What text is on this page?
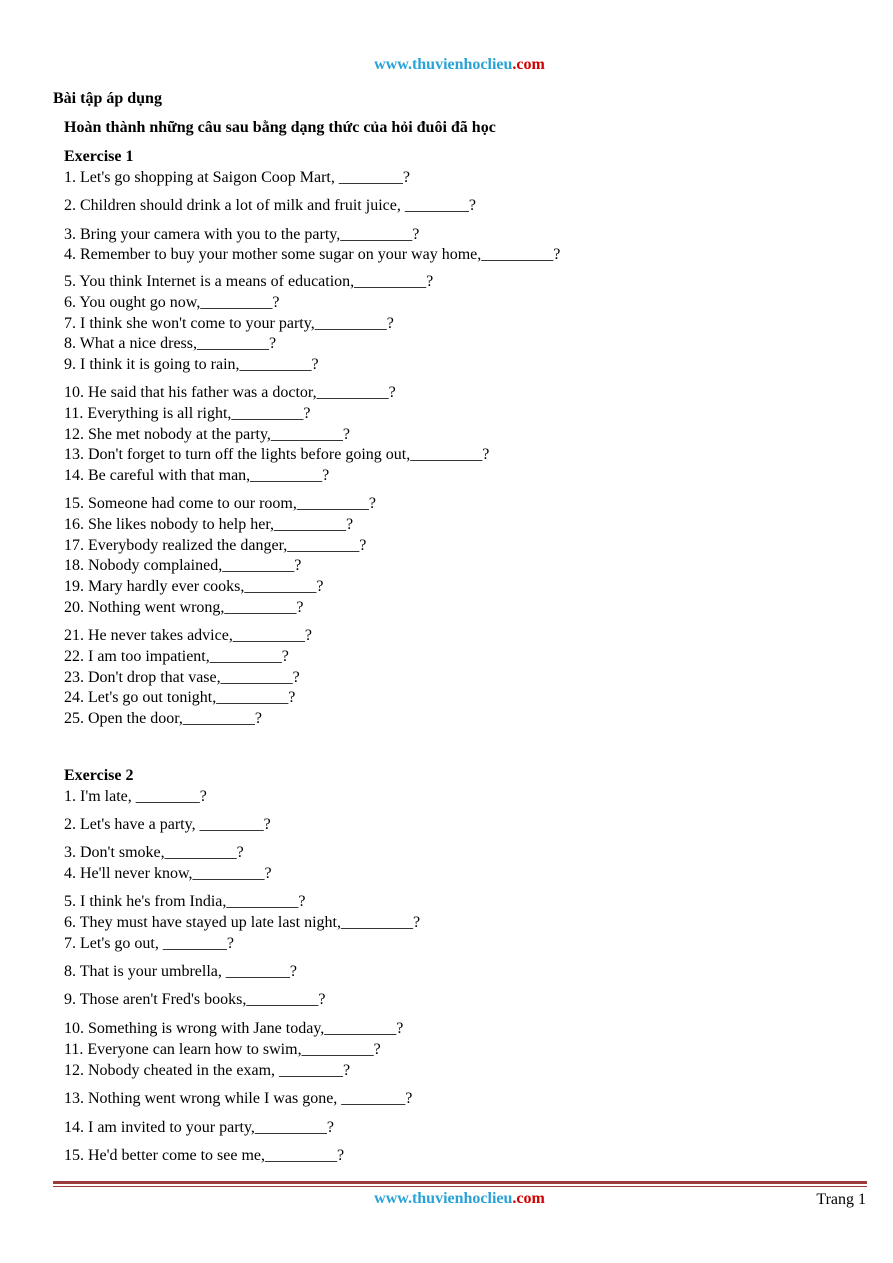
www.thuvienhoclieu.com
Bài tập áp dụng
Hoàn thành những câu sau bằng dạng thức của hỏi đuôi đã học
Exercise 1
1. Let's go shopping at Saigon Coop Mart, ________?
2. Children should drink a lot of milk and fruit juice, ________?
3. Bring your camera with you to the party,_________?
4. Remember to buy your mother some sugar on your way home,_________?
5. You think Internet is a means of education,_________?
6. You ought go now,_________?
7. I think she won't come to your party,_________?
8. What a nice dress,_________?
9. I think it is going to rain,_________?
10. He said that his father was a doctor,_________?
11. Everything is all right,_________?
12. She met nobody at the party,_________?
13. Don't forget to turn off the lights before going out,_________?
14. Be careful with that man,_________?
15. Someone had come to our room,_________?
16. She likes nobody to help her,_________?
17. Everybody realized the danger,_________?
18. Nobody complained,_________?
19. Mary hardly ever cooks,_________?
20. Nothing went wrong,_________?
21. He never takes advice,_________?
22. I am too impatient,_________?
23. Don't drop that vase,_________?
24. Let's go out tonight,_________?
25. Open the door,_________?
Exercise 2
1. I'm late, ________?
2. Let's have a party, ________?
3. Don't smoke,_________?
4. He'll never know,_________?
5. I think he's from India,_________?
6. They must have stayed up late last night,_________?
7. Let's go out, ________?
8. That is your umbrella, ________?
9. Those aren't Fred's books,_________?
10. Something is wrong with Jane today,_________?
11. Everyone can learn how to swim,_________?
12. Nobody cheated in the exam, ________?
13. Nothing went wrong while I was gone, ________?
14. I am invited to your party,_________?
15. He'd better come to see me,_________?
www.thuvienhoclieu.com	Trang 1
